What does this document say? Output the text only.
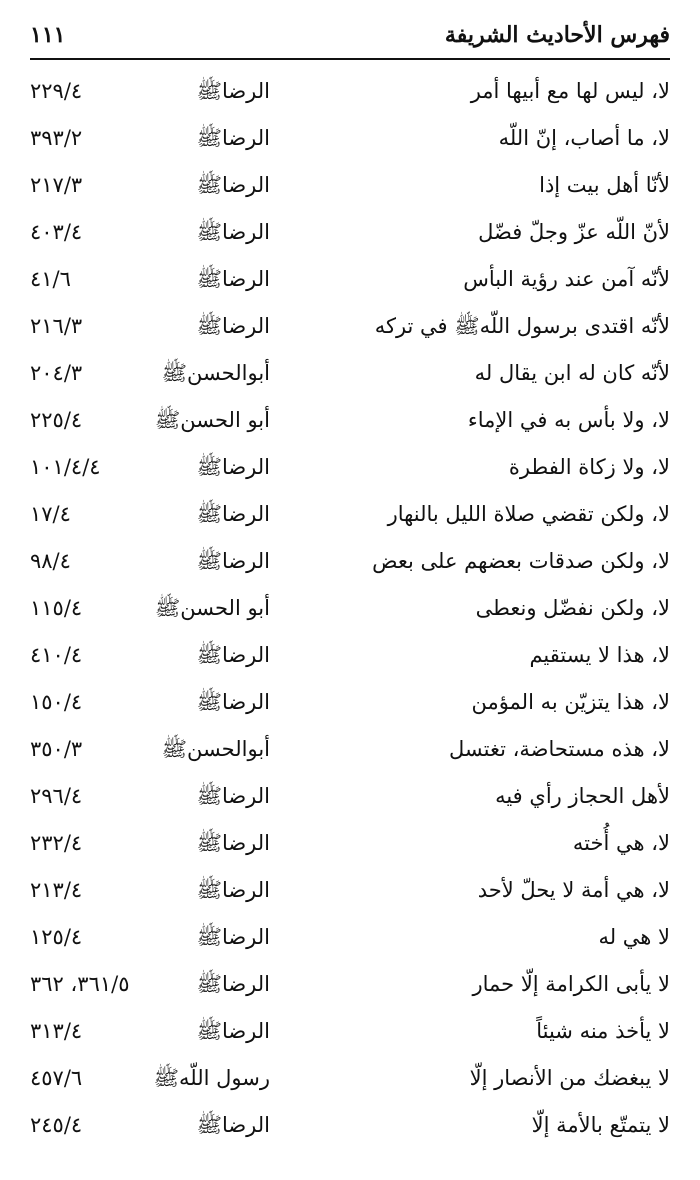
فهرس الأحاديث الشريفة
١١١
لا، ليس لها مع أبيها أمر
الرضاﷺ
٢٢٩/٤
لا، ما أصاب، إنّ اللّه
الرضاﷺ
٣٩٣/٢
لأنّا أهل بيت إذا
الرضاﷺ
٢١٧/٣
لأنّ اللّه عزّ وجلّ فضّل
الرضاﷺ
٤٠٣/٤
لأنّه آمن عند رؤية البأس
الرضاﷺ
٤١/٦
لأنّه اقتدى برسول اللّهﷺ في تركه
الرضاﷺ
٢١٦/٣
لأنّه كان له ابن يقال له
أبوالحسنﷺ
٢٠٤/٣
لا، ولا بأس به في الإماء
أبو الحسنﷺ
٢٢٥/٤
لا، ولا زكاة الفطرة
الرضاﷺ
١٠١/٤/٤
لا، ولكن تقضي صلاة الليل بالنهار
الرضاﷺ
١٧/٤
لا، ولكن صدقات بعضهم على بعض
الرضاﷺ
٩٨/٤
لا، ولكن نفضّل ونعطى
أبو الحسنﷺ
١١٥/٤
لا، هذا لا يستقيم
الرضاﷺ
٤١٠/٤
لا، هذا يتزيّن به المؤمن
الرضاﷺ
١٥٠/٤
لا، هذه مستحاضة، تغتسل
أبوالحسنﷺ
٣٥٠/٣
لأهل الحجاز رأي فيه
الرضاﷺ
٢٩٦/٤
لا، هي أُخته
الرضاﷺ
٢٣٢/٤
لا، هي أمة لا يحلّ لأحد
الرضاﷺ
٢١٣/٤
لا هي له
الرضاﷺ
١٢٥/٤
لا يأبى الكرامة إلّا حمار
الرضاﷺ
٣٦١/٥، ٣٦٢
لا يأخذ منه شيئاً
الرضاﷺ
٣١٣/٤
لا يبغضك من الأنصار إلّا
رسول اللّهﷺ
٤٥٧/٦
لا يتمتّع بالأمة إلّا
الرضاﷺ
٢٤٥/٤
